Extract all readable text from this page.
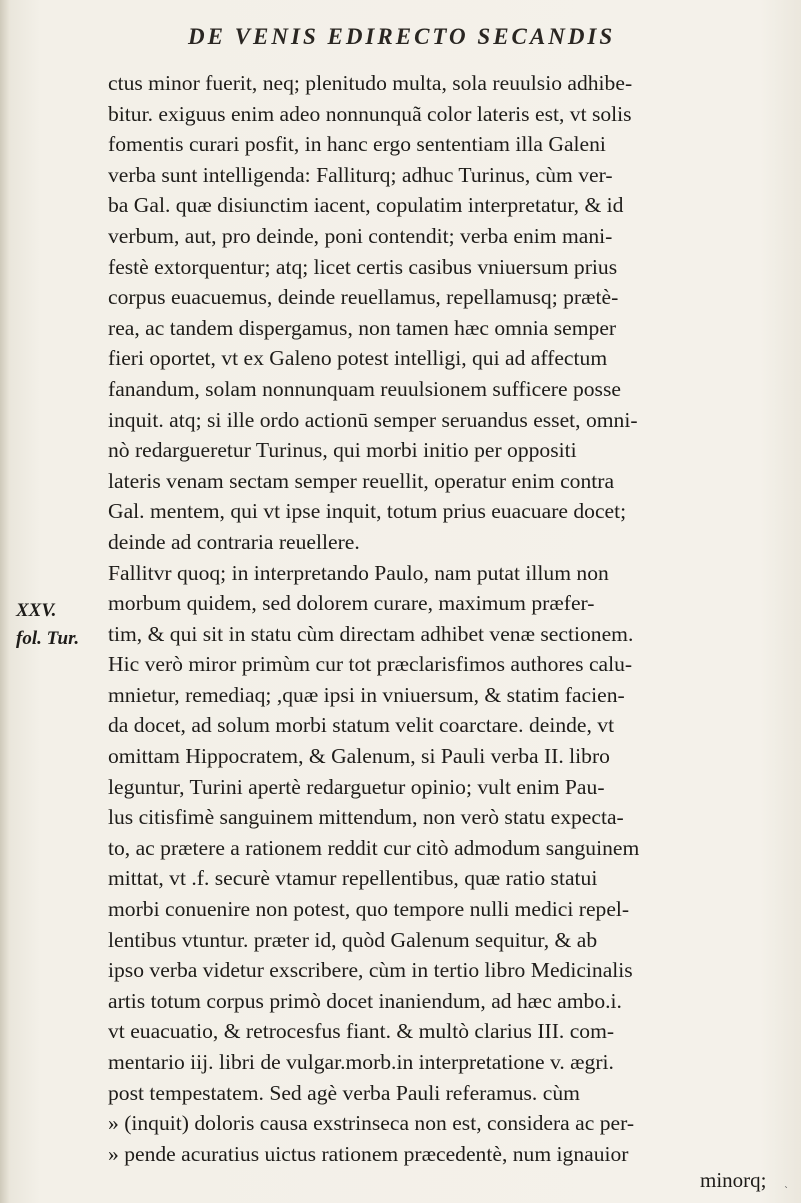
DE VENIS EDIRECTO SECANDIS
XXV.
fol. Tur.
ctus minor fuerit, neq; plenitudo multa, sola reuulsio adhibe-
bitur. exiguus enim adeo nonnunquã color lateris est, vt solis
fomentis curari posfit, in hanc ergo sententiam illa Galeni
verba sunt intelligenda: Falliturq; adhuc Turinus, cùm ver-
ba Gal. quæ disiunctim iacent, copulatim interpretatur, & id
verbum, aut, pro deinde, poni contendit; verba enim mani-
festè extorquentur; atq; licet certis casibus vniuersum prius
corpus euacuemus, deinde reuellamus, repellamusq; prætè-
rea, ac tandem dispergamus, non tamen hæc omnia semper
fieri oportet, vt ex Galeno potest intelligi, qui ad affectum
fanandum, solam nonnunquam reuulsionem sufficere posse
inquit. atq; si ille ordo actionū semper seruandus esset, omni-
nò redargueretur Turinus, qui morbi initio per oppositi
lateris venam sectam semper reuellit, operatur enim contra
Gal. mentem, qui vt ipse inquit, totum prius euacuare docet;
deinde ad contraria reuellere.
Fallitvr quoq; in interpretando Paulo, nam putat illum non
morbum quidem, sed dolorem curare, maximum præfer-
tim, & qui sit in statu cùm directam adhibet venæ sectionem.
Hic verò miror primùm cur tot præclarisfimos authores calu-
mnietur, remediaq; ,quæ ipsi in vniuersum, & statim facien-
da docet, ad solum morbi statum velit coarctare. deinde, vt
omittam Hippocratem, & Galenum, si Pauli verba II. libro
leguntur, Turini apertè redarguetur opinio; vult enim Pau-
lus citisfimè sanguinem mittendum, non verò statu expecta-
to, ac prætere a rationem reddit cur citò admodum sanguinem
mittat, vt .f. securè vtamur repellentibus, quæ ratio statui
morbi conuenire non potest, quo tempore nulli medici repel-
lentibus vtuntur. præter id, quòd Galenum sequitur, & ab
ipso verba videtur exscribere, cùm in tertio libro Medicinalis
artis totum corpus primò docet inaniendum, ad hæc ambo.i.
vt euacuatio, & retrocesfus fiant. & multò clarius III. com-
mentario iij. libri de vulgar.morb.in interpretatione v. ægri.
post tempestatem. Sed agè verba Pauli referamus. cùm
» (inquit) doloris causa exstrinseca non est, considera ac per-
» pende acuratius uictus rationem præcedentè, num ignauior
minorq; `
